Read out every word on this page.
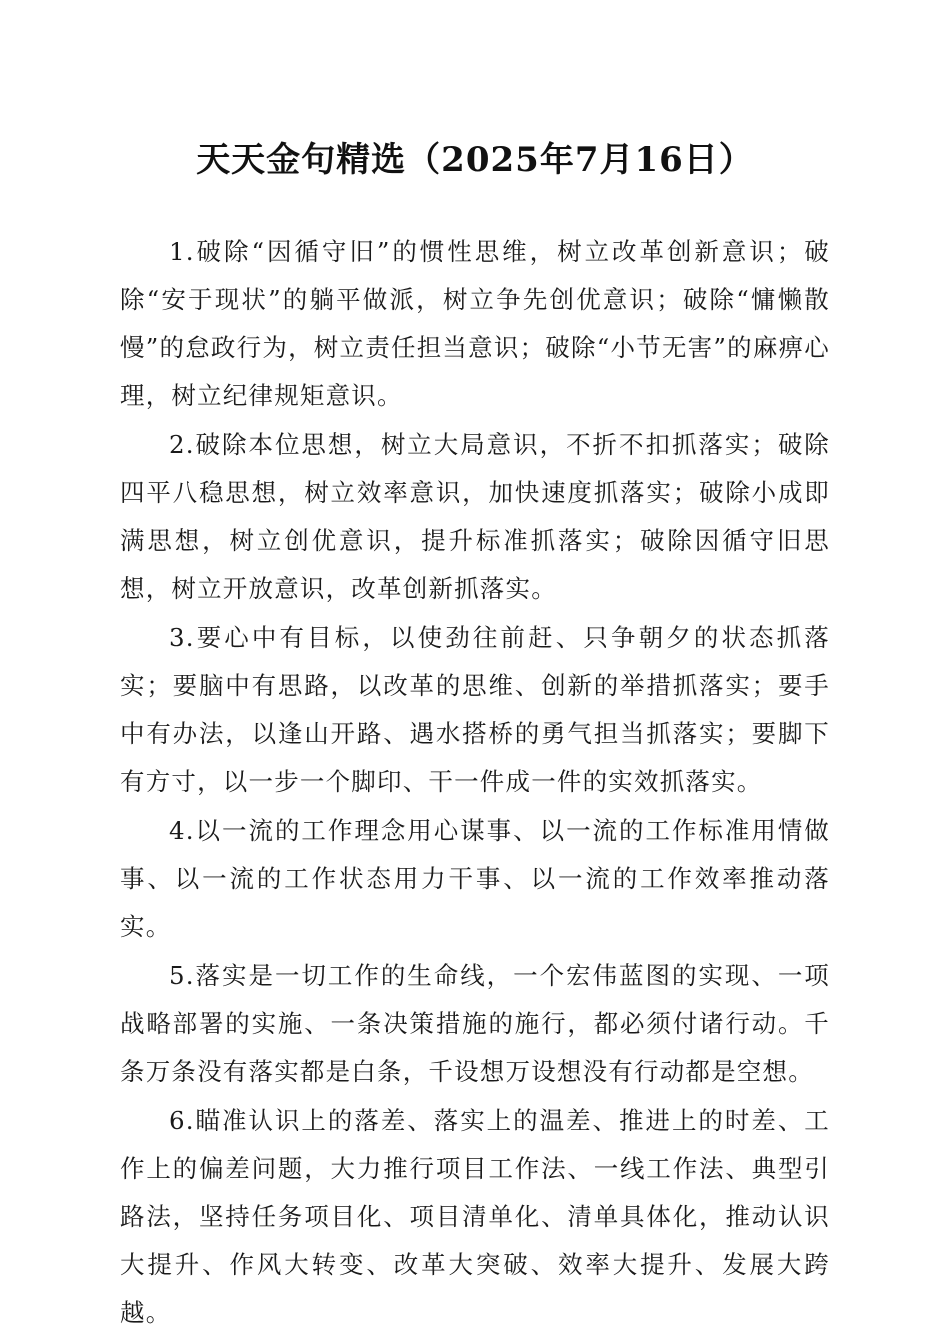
天天金句精选（2025年7月16日）

1.破除“因循守旧”的惯性思维，树立改革创新意识；破除“安于现状”的躺平做派，树立争先创优意识；破除“慵懒散慢”的怠政行为，树立责任担当意识；破除“小节无害”的麻痹心理，树立纪律规矩意识。

2.破除本位思想，树立大局意识，不折不扣抓落实；破除四平八稳思想，树立效率意识，加快速度抓落实；破除小成即满思想，树立创优意识，提升标准抓落实；破除因循守旧思想，树立开放意识，改革创新抓落实。

3.要心中有目标，以使劲往前赶、只争朝夕的状态抓落实；要脑中有思路，以改革的思维、创新的举措抓落实；要手中有办法，以逢山开路、遇水搭桥的勇气担当抓落实；要脚下有方寸，以一步一个脚印、干一件成一件的实效抓落实。

4.以一流的工作理念用心谋事、以一流的工作标准用情做事、以一流的工作状态用力干事、以一流的工作效率推动落实。

5.落实是一切工作的生命线，一个宏伟蓝图的实现、一项战略部署的实施、一条决策措施的施行，都必须付诸行动。千条万条没有落实都是白条，千设想万设想没有行动都是空想。

6.瞄准认识上的落差、落实上的温差、推进上的时差、工作上的偏差问题，大力推行项目工作法、一线工作法、典型引路法，坚持任务项目化、项目清单化、清单具体化，推动认识大提升、作风大转变、改革大突破、效率大提升、发展大跨越。
